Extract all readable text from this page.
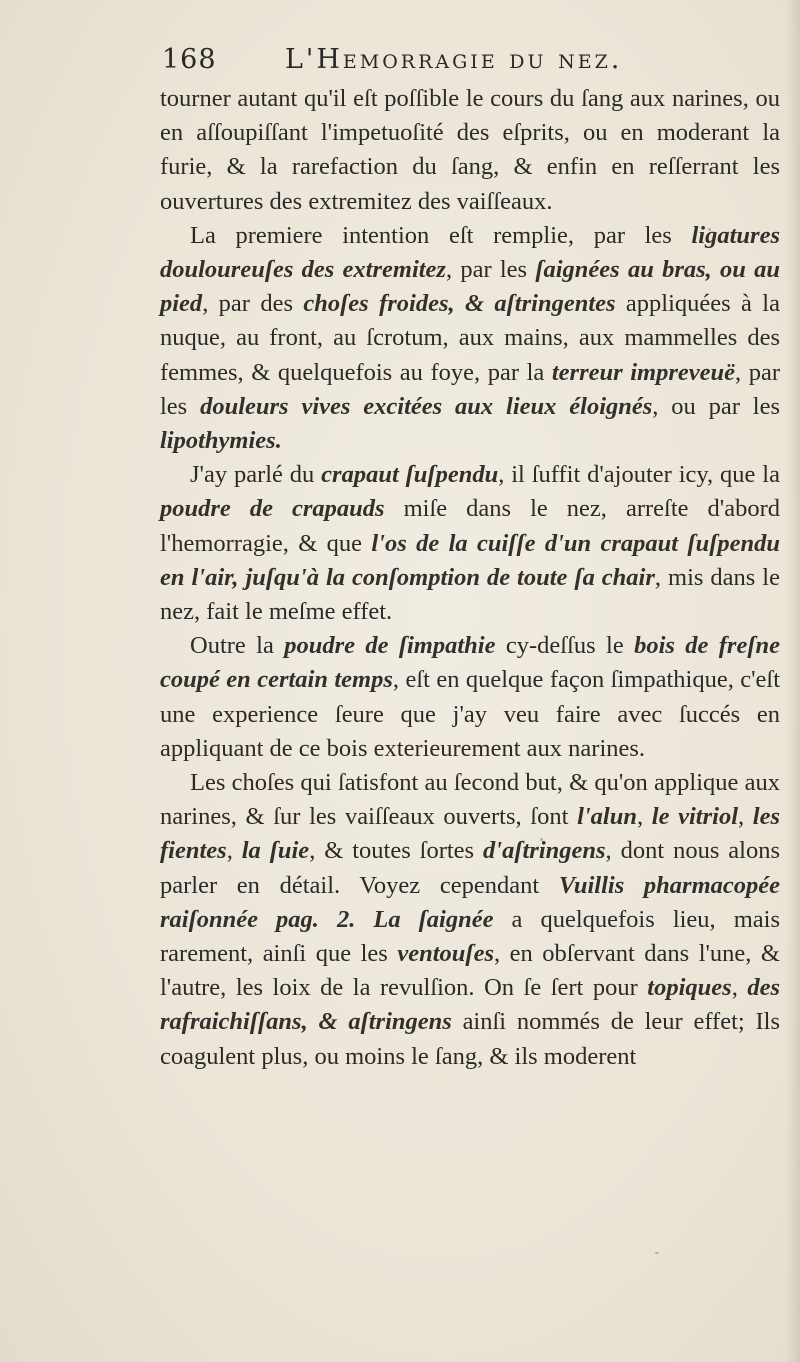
168	L'Hemorragie du nez.

tourner autant qu'il eſt poſſible le cours du ſang aux narines, ou en aſſoupiſſant l'impetuoſité des eſprits, ou en moderant la furie, & la rarefaction du ſang, & enfin en reſſerrant les ouvertures des extremitez des vaiſſeaux.

La premiere intention eſt remplie, par les ligatures douloureuſes des extremitez, par les ſaignées au bras, ou au pied, par des choſes froides, & aſtringentes appliquées à la nuque, au front, au ſcrotum, aux mains, aux mammelles des femmes, & quelquefois au foye, par la terreur impreveuë, par les douleurs vives excitées aux lieux éloignés, ou par les lipothymies.

J'ay parlé du crapaut ſuſpendu, il ſuffit d'ajouter icy, que la poudre de crapauds miſe dans le nez, arreſte d'abord l'hemorragie, & que l'os de la cuiſſe d'un crapaut ſuſpendu en l'air, juſqu'à la conſomption de toute ſa chair, mis dans le nez, fait le meſme effet.

Outre la poudre de ſimpathie cy-deſſus le bois de freſne coupé en certain temps, eſt en quelque façon ſimpathique, c'eſt une experience ſeure que j'ay veu faire avec ſuccés en appliquant de ce bois exterieurement aux narines.

Les choſes qui ſatisfont au ſecond but, & qu'on applique aux narines, & ſur les vaiſſeaux ouverts, ſont l'alun, le vitriol, les fientes, la ſuie, & toutes ſortes d'aſtringens, dont nous alons parler en détail. Voyez cependant Vuillis pharmacopée raiſonnée pag. 2. La ſaignée a quelquefois lieu, mais rarement, ainſi que les ventouſes, en obſervant dans l'une, & l'autre, les loix de la revulſion. On ſe ſert pour topiques, des rafraichiſſans, & aſtringens ainſi nommés de leur effet; Ils coagulent plus, ou moins le ſang, & ils moderent
